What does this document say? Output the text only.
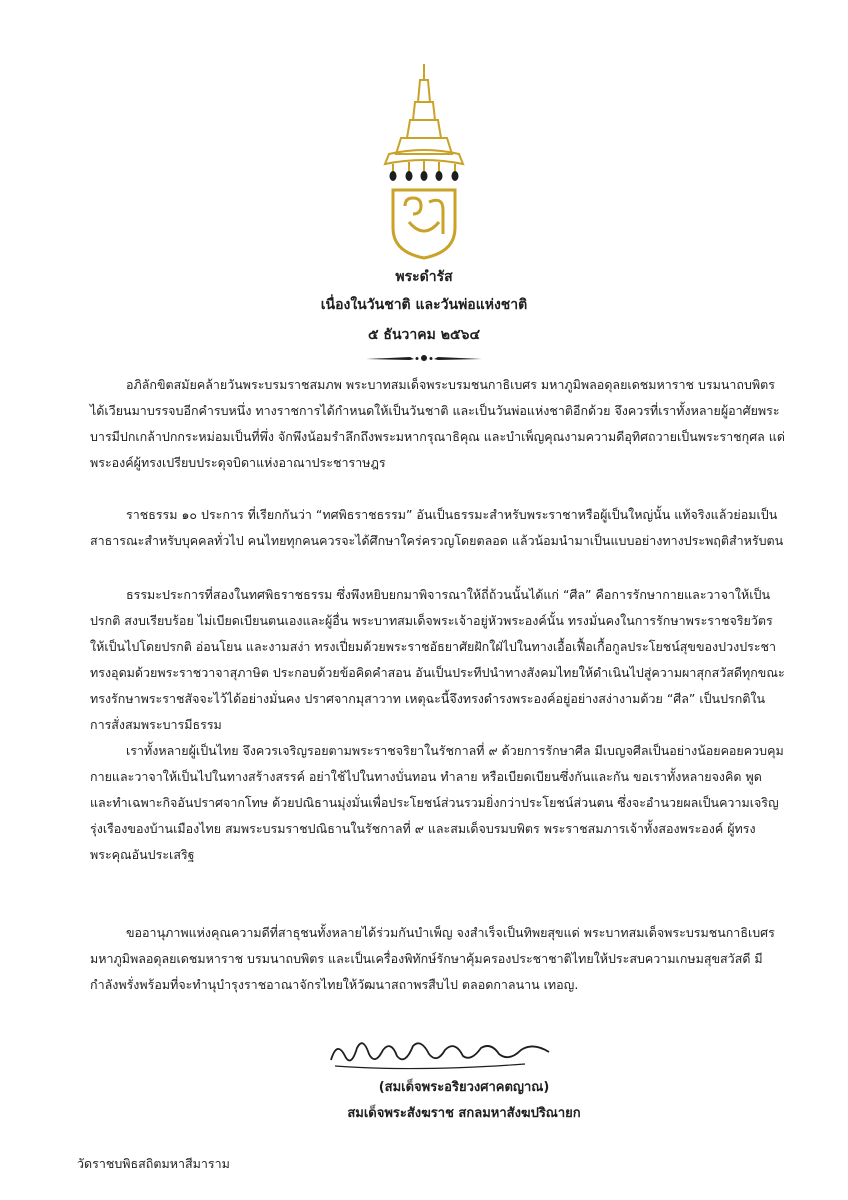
พระดำรัส
เนื่องในวันชาติ และวันพ่อแห่งชาติ
๕ ธันวาคม ๒๕๖๔

อภิลักขิตสมัยคล้ายวันพระบรมราชสมภพ พระบาทสมเด็จพระบรมชนกาธิเบศร มหาภูมิพลอดุลยเดชมหาราช บรมนาถบพิตร ได้เวียนมาบรรจบอีกคำรบหนึ่ง ทางราชการได้กำหนดให้เป็นวันชาติ และเป็นวันพ่อแห่งชาติอีกด้วย จึงควรที่เราทั้งหลายผู้อาศัยพระบารมีปกเกล้าปกกระหม่อมเป็นที่พึ่ง จักพึงน้อมรำลึกถึงพระมหากรุณาธิคุณ และบำเพ็ญคุณงามความดีอุทิศถวายเป็นพระราชกุศล แด่พระองค์ผู้ทรงเปรียบประดุจบิดาแห่งอาณาประชาราษฎร

ราชธรรม ๑๐ ประการ ที่เรียกกันว่า “ทศพิธราชธรรม” อันเป็นธรรมะสำหรับพระราชาหรือผู้เป็นใหญ่นั้น แท้จริงแล้วย่อมเป็นสาธารณะสำหรับบุคคลทั่วไป คนไทยทุกคนควรจะได้ศึกษาใคร่ครวญโดยตลอด แล้วน้อมนำมาเป็นแบบอย่างทางประพฤติสำหรับตน

ธรรมะประการที่สองในทศพิธราชธรรม ซึ่งพึงหยิบยกมาพิจารณาให้ถี่ถ้วนนั้นได้แก่ “ศีล” คือการรักษากายและวาจาให้เป็นปรกติ สงบเรียบร้อย ไม่เบียดเบียนตนเองและผู้อื่น พระบาทสมเด็จพระเจ้าอยู่หัวพระองค์นั้น ทรงมั่นคงในการรักษาพระราชจริยวัตรให้เป็นไปโดยปรกติ อ่อนโยน และงามสง่า ทรงเปี่ยมด้วยพระราชอัธยาศัยฝักใฝ่ไปในทางเอื้อเฟื้อเกื้อกูลประโยชน์สุขของปวงประชา ทรงอุดมด้วยพระราชวาจาสุภาษิต ประกอบด้วยข้อคิดคำสอน อันเป็นประทีปนำทางสังคมไทยให้ดำเนินไปสู่ความผาสุกสวัสดีทุกขณะ ทรงรักษาพระราชสัจจะไว้ได้อย่างมั่นคง ปราศจากมุสาวาท เหตุฉะนี้จึงทรงดำรงพระองค์อยู่อย่างสง่างามด้วย “ศีล” เป็นปรกติในการสั่งสมพระบารมีธรรม

เราทั้งหลายผู้เป็นไทย จึงควรเจริญรอยตามพระราชจริยาในรัชกาลที่ ๙ ด้วยการรักษาศีล มีเบญจศีลเป็นอย่างน้อยคอยควบคุมกายและวาจาให้เป็นไปในทางสร้างสรรค์ อย่าใช้ไปในทางบั่นทอน ทำลาย หรือเบียดเบียนซึ่งกันและกัน ขอเราทั้งหลายจงคิด พูด และทำเฉพาะกิจอันปราศจากโทษ ด้วยปณิธานมุ่งมั่นเพื่อประโยชน์ส่วนรวมยิ่งกว่าประโยชน์ส่วนตน ซึ่งจะอำนวยผลเป็นความเจริญรุ่งเรืองของบ้านเมืองไทย สมพระบรมราชปณิธานในรัชกาลที่ ๙ และสมเด็จบรมบพิตร พระราชสมภารเจ้าทั้งสองพระองค์ ผู้ทรงพระคุณอันประเสริฐ

ขออานุภาพแห่งคุณความดีที่สาธุชนทั้งหลายได้ร่วมกันบำเพ็ญ จงสำเร็จเป็นทิพยสุขแด่ พระบาทสมเด็จพระบรมชนกาธิเบศร มหาภูมิพลอดุลยเดชมหาราช บรมนาถบพิตร และเป็นเครื่องพิทักษ์รักษาคุ้มครองประชาชาติไทยให้ประสบความเกษมสุขสวัสดี มีกำลังพรั่งพร้อมที่จะทำนุบำรุงราชอาณาจักรไทยให้วัฒนาสถาพรสืบไป ตลอดกาลนาน เทอญ.

(สมเด็จพระอริยวงศาคตญาณ)
สมเด็จพระสังฆราช สกลมหาสังฆปริณายก
วัดราชบพิธสถิตมหาสีมาราม
